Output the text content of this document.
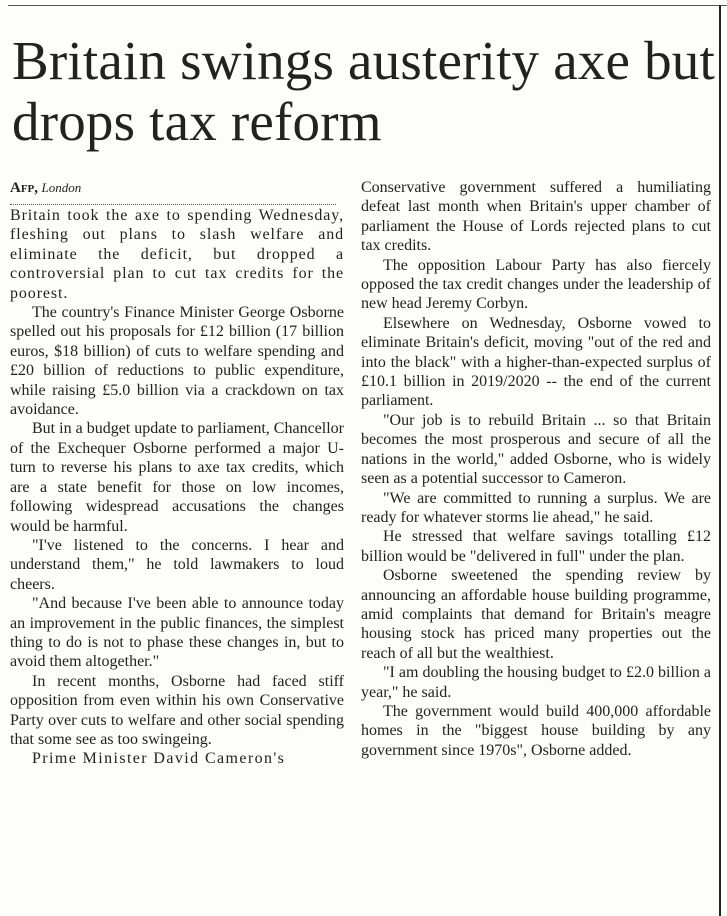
Britain swings austerity axe but drops tax reform
Afp, London

Britain took the axe to spending Wednesday, fleshing out plans to slash welfare and eliminate the deficit, but dropped a controversial plan to cut tax credits for the poorest.

The country's Finance Minister George Osborne spelled out his proposals for £12 billion (17 billion euros, $18 billion) of cuts to welfare spending and £20 billion of reductions to public expenditure, while raising £5.0 billion via a crackdown on tax avoidance.

But in a budget update to parliament, Chancellor of the Exchequer Osborne performed a major U-turn to reverse his plans to axe tax credits, which are a state benefit for those on low incomes, following widespread accusations the changes would be harmful.

"I've listened to the concerns. I hear and understand them," he told lawmakers to loud cheers.

"And because I've been able to announce today an improvement in the public finances, the simplest thing to do is not to phase these changes in, but to avoid them altogether."

In recent months, Osborne had faced stiff opposition from even within his own Conservative Party over cuts to welfare and other social spending that some see as too swingeing.

Prime Minister David Cameron's

Conservative government suffered a humiliating defeat last month when Britain's upper chamber of parliament the House of Lords rejected plans to cut tax credits.

The opposition Labour Party has also fiercely opposed the tax credit changes under the leadership of new head Jeremy Corbyn.

Elsewhere on Wednesday, Osborne vowed to eliminate Britain's deficit, moving "out of the red and into the black" with a higher-than-expected surplus of £10.1 billion in 2019/2020 -- the end of the current parliament.

"Our job is to rebuild Britain ... so that Britain becomes the most prosperous and secure of all the nations in the world," added Osborne, who is widely seen as a potential successor to Cameron.

"We are committed to running a surplus. We are ready for whatever storms lie ahead," he said.

He stressed that welfare savings totalling £12 billion would be "delivered in full" under the plan.

Osborne sweetened the spending review by announcing an affordable house building programme, amid complaints that demand for Britain's meagre housing stock has priced many properties out the reach of all but the wealthiest.

"I am doubling the housing budget to £2.0 billion a year," he said.

The government would build 400,000 affordable homes in the "biggest house building by any government since 1970s", Osborne added.
